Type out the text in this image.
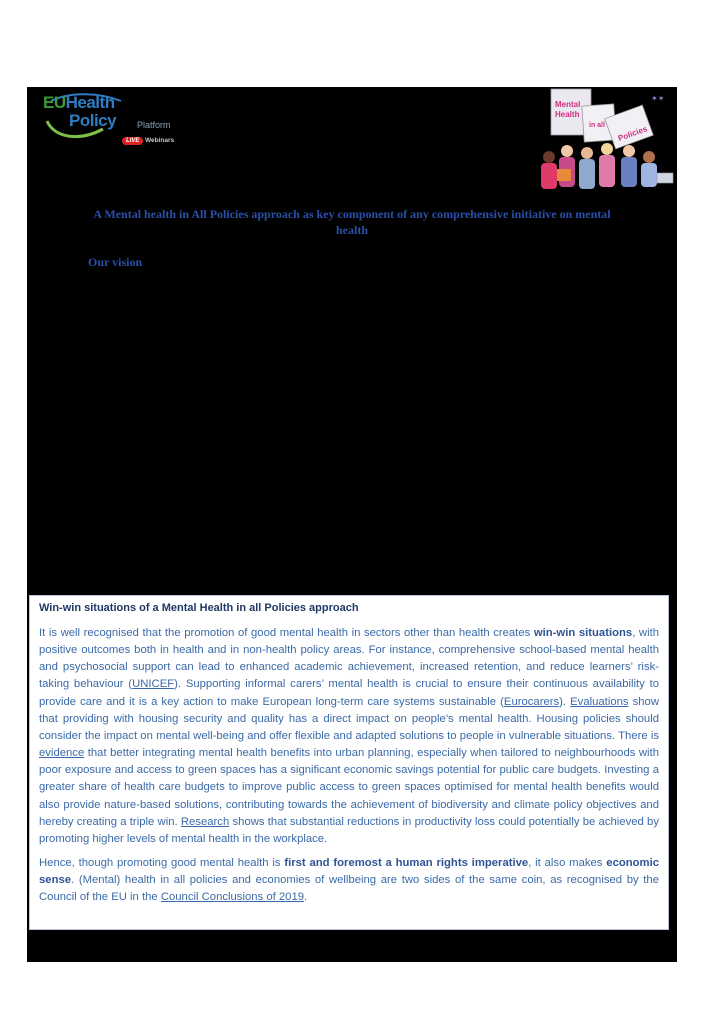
EUHealth
Policy Platform
LIVE Webinars
Mental
Health
in all Policies
✶✶
A Mental health in All Policies approach as key component of any comprehensive initiative on mental health
Our vision
Win-win situations of a Mental Health in all Policies approach

It is well recognised that the promotion of good mental health in sectors other than health creates win-win situations, with positive outcomes both in health and in non-health policy areas. For instance, comprehensive school-based mental health and psychosocial support can lead to enhanced academic achievement, increased retention, and reduce learners’ risk-taking behaviour (UNICEF). Supporting informal carers’ mental health is crucial to ensure their continuous availability to provide care and it is a key action to make European long-term care systems sustainable (Eurocarers). Evaluations show that providing with housing security and quality has a direct impact on people’s mental health. Housing policies should consider the impact on mental well-being and offer flexible and adapted solutions to people in vulnerable situations. There is evidence that better integrating mental health benefits into urban planning, especially when tailored to neighbourhoods with poor exposure and access to green spaces has a significant economic savings potential for public care budgets. Investing a greater share of health care budgets to improve public access to green spaces optimised for mental health benefits would also provide nature-based solutions, contributing towards the achievement of biodiversity and climate policy objectives and hereby creating a triple win. Research shows that substantial reductions in productivity loss could potentially be achieved by promoting higher levels of mental health in the workplace.

Hence, though promoting good mental health is first and foremost a human rights imperative, it also makes economic sense. (Mental) health in all policies and economies of wellbeing are two sides of the same coin, as recognised by the Council of the EU in the Council Conclusions of 2019.
